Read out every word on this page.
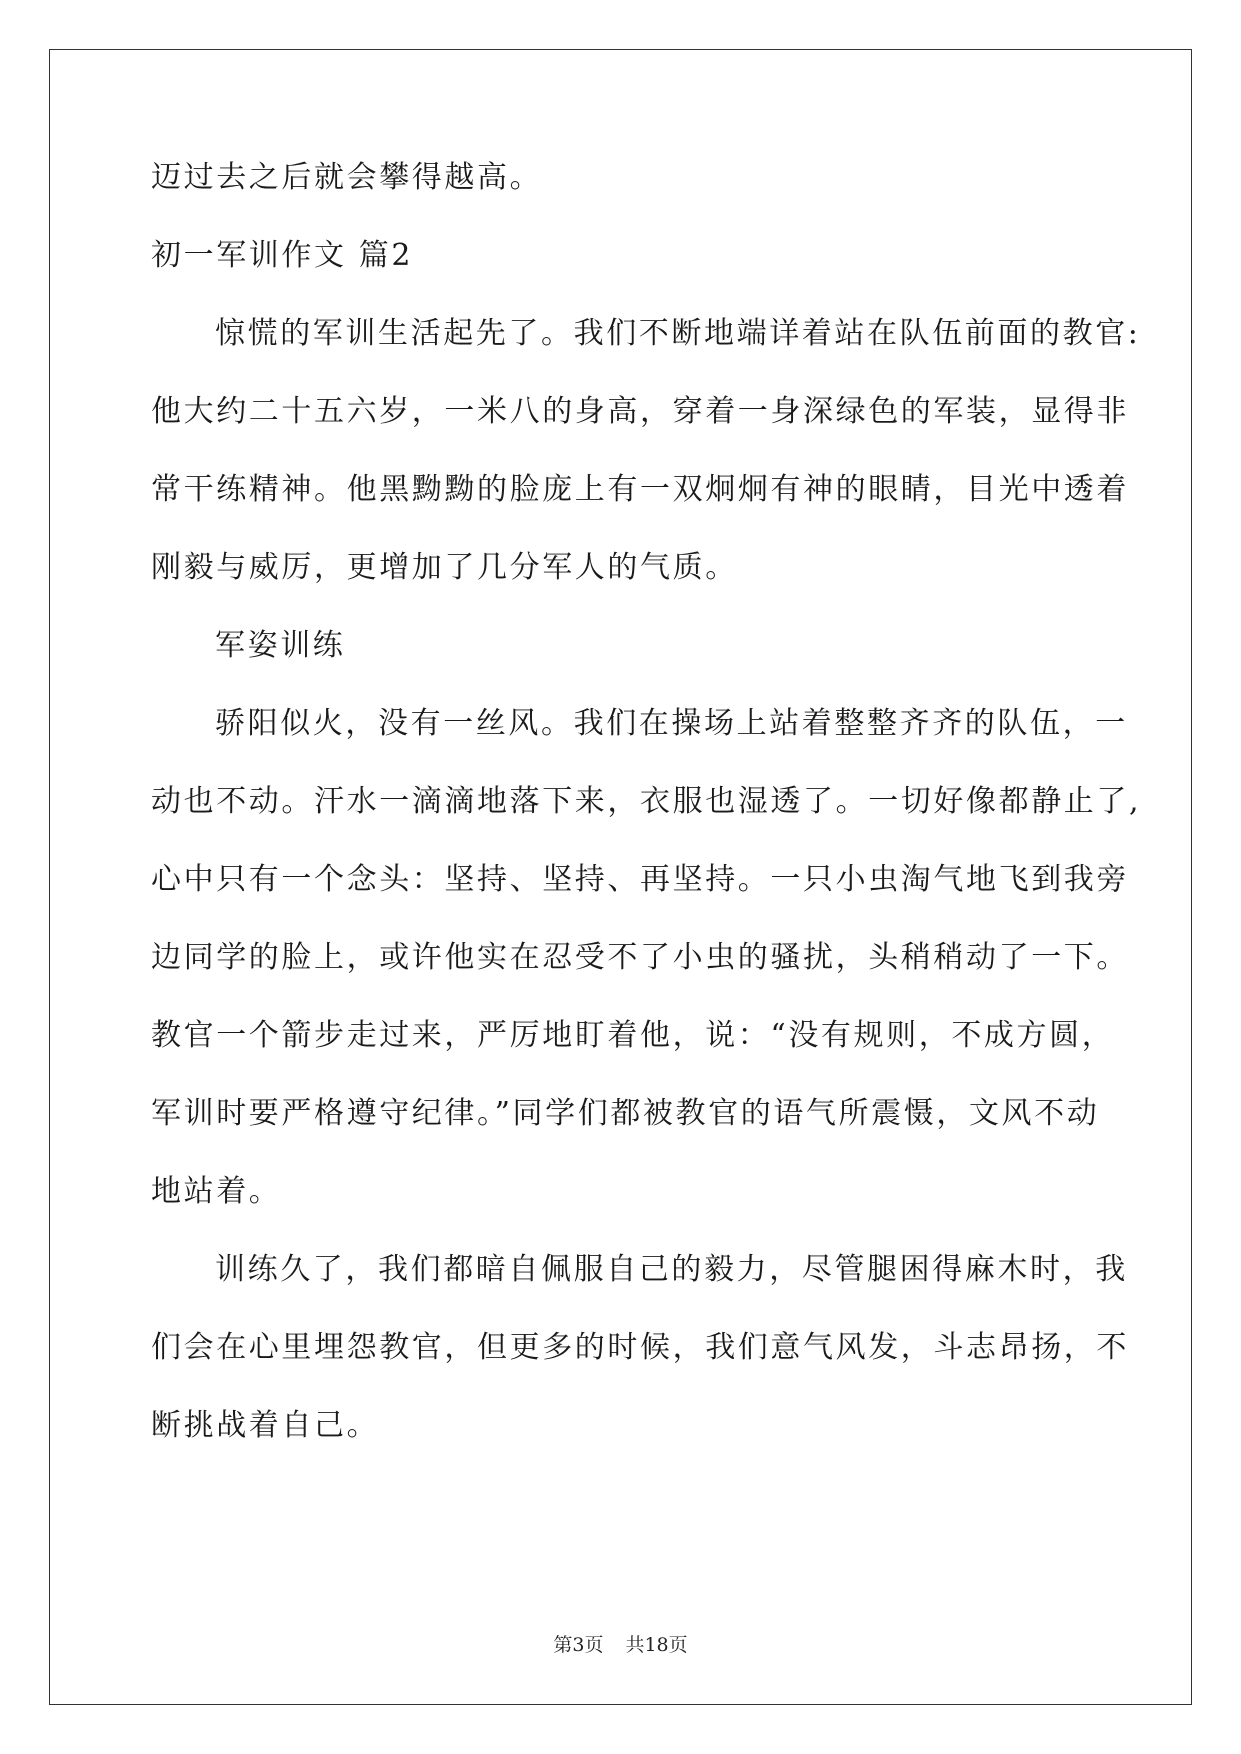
迈过去之后就会攀得越高。
初一军训作文 篇2
惊慌的军训生活起先了。我们不断地端详着站在队伍前面的教官:
他大约二十五六岁，一米八的身高，穿着一身深绿色的军装，显得非
常干练精神。他黑黝黝的脸庞上有一双炯炯有神的眼睛，目光中透着
刚毅与威厉，更增加了几分军人的气质。
军姿训练
骄阳似火，没有一丝风。我们在操场上站着整整齐齐的队伍，一
动也不动。汗水一滴滴地落下来，衣服也湿透了。一切好像都静止了,
心中只有一个念头：坚持、坚持、再坚持。一只小虫淘气地飞到我旁
边同学的脸上，或许他实在忍受不了小虫的骚扰，头稍稍动了一下。
教官一个箭步走过来，严厉地盯着他，说：“没有规则，不成方圆，
军训时要严格遵守纪律。”同学们都被教官的语气所震慑，文风不动
地站着。
训练久了，我们都暗自佩服自己的毅力，尽管腿困得麻木时，我
们会在心里埋怨教官，但更多的时候，我们意气风发，斗志昂扬，不
断挑战着自己。
第3页 共18页
